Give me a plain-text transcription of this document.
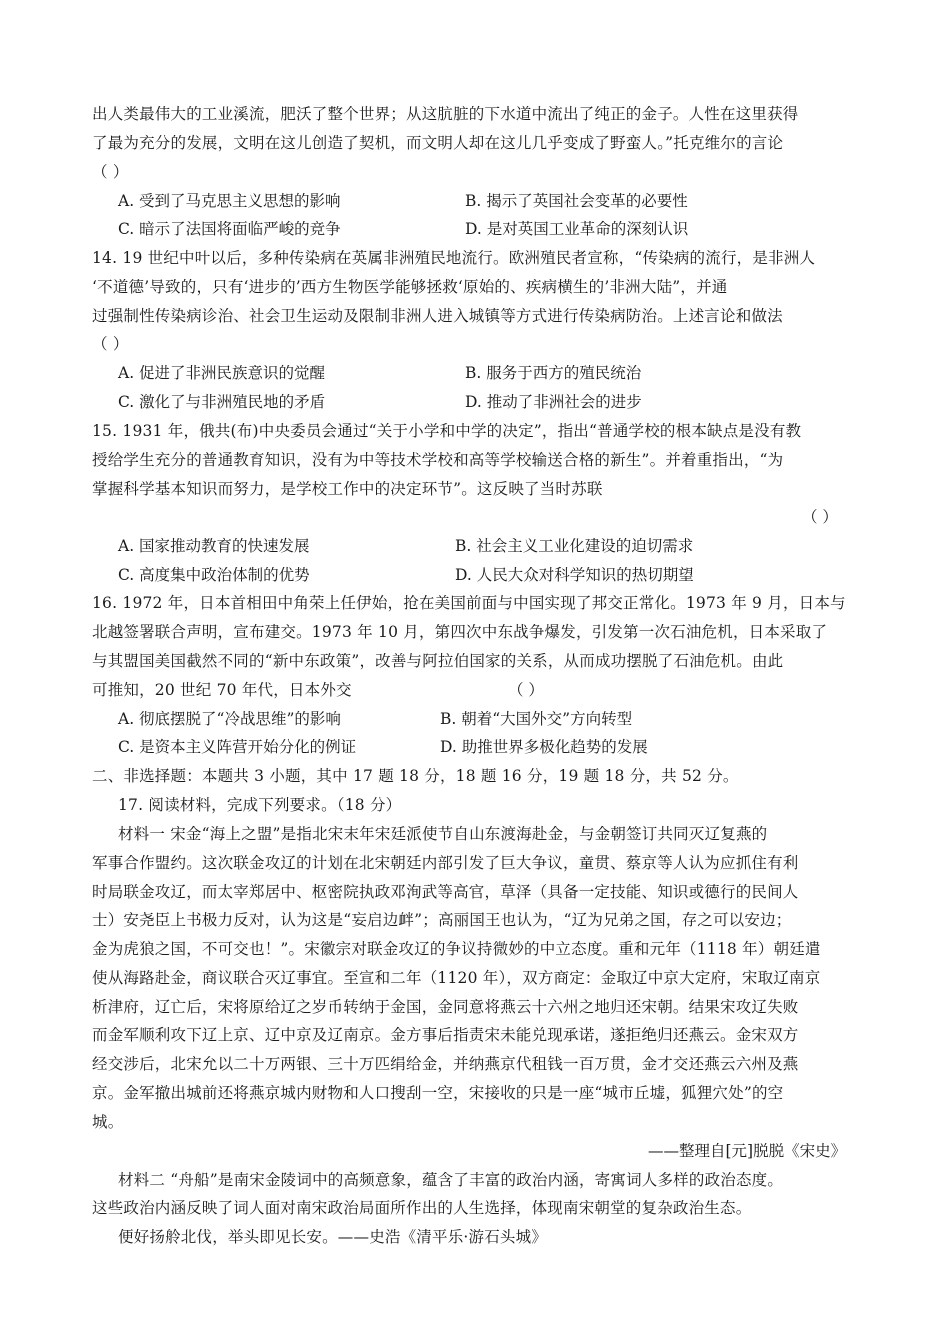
出人类最伟大的工业溪流，肥沃了整个世界；从这肮脏的下水道中流出了纯正的金子。人性在这里获得
了最为充分的发展，文明在这儿创造了契机，而文明人却在这儿几乎变成了野蛮人。”托克维尔的言论
（ ）
A. 受到了马克思主义思想的影响	B. 揭示了英国社会变革的必要性
C. 暗示了法国将面临严峻的竞争	D. 是对英国工业革命的深刻认识
14. 19 世纪中叶以后，多种传染病在英属非洲殖民地流行。欧洲殖民者宣称，“传染病的流行，是非洲人
‘不道德’导致的，只有‘进步的’西方生物医学能够拯救‘原始的、疾病横生的’非洲大陆”，并通
过强制性传染病诊治、社会卫生运动及限制非洲人进入城镇等方式进行传染病防治。上述言论和做法
（ ）
A. 促进了非洲民族意识的觉醒	B. 服务于西方的殖民统治
C. 激化了与非洲殖民地的矛盾	D. 推动了非洲社会的进步
15. 1931 年，俄共(布)中央委员会通过“关于小学和中学的决定”，指出“普通学校的根本缺点是没有教
授给学生充分的普通教育知识，没有为中等技术学校和高等学校输送合格的新生”。并着重指出，“为
掌握科学基本知识而努力，是学校工作中的决定环节”。这反映了当时苏联
（ ）
A. 国家推动教育的快速发展	B. 社会主义工业化建设的迫切需求
C. 高度集中政治体制的优势	D. 人民大众对科学知识的热切期望
16. 1972 年，日本首相田中角荣上任伊始，抢在美国前面与中国实现了邦交正常化。1973 年 9 月，日本与
北越签署联合声明，宣布建交。1973 年 10 月，第四次中东战争爆发，引发第一次石油危机，日本采取了
与其盟国美国截然不同的“新中东政策”，改善与阿拉伯国家的关系，从而成功摆脱了石油危机。由此
可推知，20 世纪 70 年代，日本外交	（ ）
A. 彻底摆脱了“冷战思维”的影响	B. 朝着“大国外交”方向转型
C. 是资本主义阵营开始分化的例证	D. 助推世界多极化趋势的发展
二、非选择题：本题共 3 小题，其中 17 题 18 分，18 题 16 分，19 题 18 分，共 52 分。
17. 阅读材料，完成下列要求。（18 分）
材料一 宋金“海上之盟”是指北宋末年宋廷派使节自山东渡海赴金，与金朝签订共同灭辽复燕的
军事合作盟约。这次联金攻辽的计划在北宋朝廷内部引发了巨大争议，童贯、蔡京等人认为应抓住有利
时局联金攻辽，而太宰郑居中、枢密院执政邓洵武等高官，草泽（具备一定技能、知识或德行的民间人
士）安尧臣上书极力反对，认为这是“妄启边衅”；高丽国王也认为，“辽为兄弟之国，存之可以安边；
金为虎狼之国，不可交也！”。宋徽宗对联金攻辽的争议持微妙的中立态度。重和元年（1118 年）朝廷遣
使从海路赴金，商议联合灭辽事宜。至宣和二年（1120 年），双方商定：金取辽中京大定府，宋取辽南京
析津府，辽亡后，宋将原给辽之岁币转纳于金国，金同意将燕云十六州之地归还宋朝。结果宋攻辽失败
而金军顺利攻下辽上京、辽中京及辽南京。金方事后指责宋未能兑现承诺，遂拒绝归还燕云。金宋双方
经交涉后，北宋允以二十万两银、三十万匹绢给金，并纳燕京代租钱一百万贯，金才交还燕云六州及燕
京。金军撤出城前还将燕京城内财物和人口搜刮一空，宋接收的只是一座“城市丘墟，狐狸穴处”的空
城。
——整理自[元]脱脱《宋史》
材料二 “舟船”是南宋金陵词中的高频意象，蕴含了丰富的政治内涵，寄寓词人多样的政治态度。
这些政治内涵反映了词人面对南宋政治局面所作出的人生选择，体现南宋朝堂的复杂政治生态。
便好扬舲北伐，举头即见长安。——史浩《清平乐·游石头城》
